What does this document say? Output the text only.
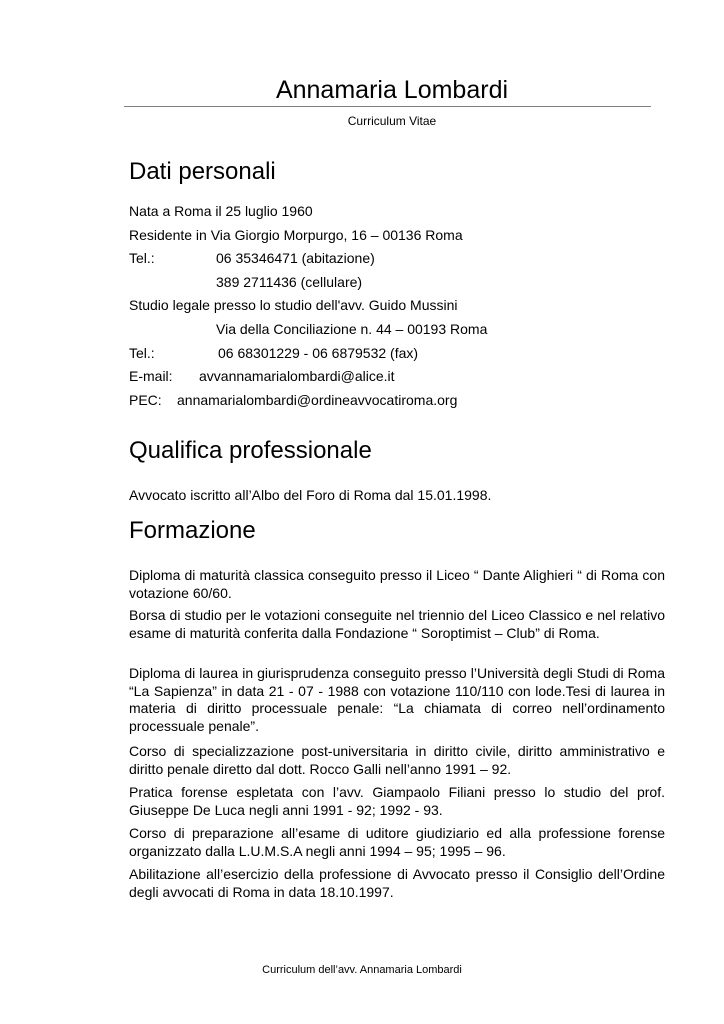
Annamaria Lombardi
Curriculum Vitae
Dati personali
Nata a Roma il 25 luglio 1960
Residente in Via Giorgio Morpurgo, 16 – 00136 Roma
Tel.:	06 35346471 (abitazione)
389 2711436 (cellulare)
Studio legale presso lo studio dell'avv. Guido Mussini
Via della Conciliazione n. 44 – 00193 Roma
Tel.:	06 68301229 - 06 6879532 (fax)
E-mail: avvannamarialombardi@alice.it
PEC: annamarialombardi@ordineavvocatiroma.org
Qualifica professionale
Avvocato iscritto all’Albo del Foro di Roma dal 15.01.1998.
Formazione
Diploma di maturità classica conseguito presso il Liceo “ Dante Alighieri “ di Roma con votazione 60/60.
Borsa di studio per le votazioni conseguite nel triennio del Liceo Classico e nel relativo esame di maturità conferita dalla Fondazione “ Soroptimist – Club” di Roma.
Diploma di laurea in giurisprudenza conseguito presso l’Università degli Studi di Roma “La Sapienza” in data 21 - 07 - 1988 con votazione 110/110 con lode.Tesi di laurea in materia di diritto processuale penale: “La chiamata di correo nell’ordinamento processuale penale”.
Corso di specializzazione post-universitaria in diritto civile, diritto amministrativo e diritto penale diretto dal dott. Rocco Galli nell’anno 1991 – 92.
Pratica forense espletata con l’avv. Giampaolo Filiani presso lo studio del prof. Giuseppe De Luca negli anni 1991 - 92; 1992 - 93.
Corso di preparazione all’esame di uditore giudiziario ed alla professione forense organizzato dalla L.U.M.S.A negli anni 1994 – 95; 1995 – 96.
Abilitazione all’esercizio della professione di Avvocato presso il Consiglio dell’Ordine degli avvocati di Roma in data 18.10.1997.
Curriculum dell’avv. Annamaria Lombardi
